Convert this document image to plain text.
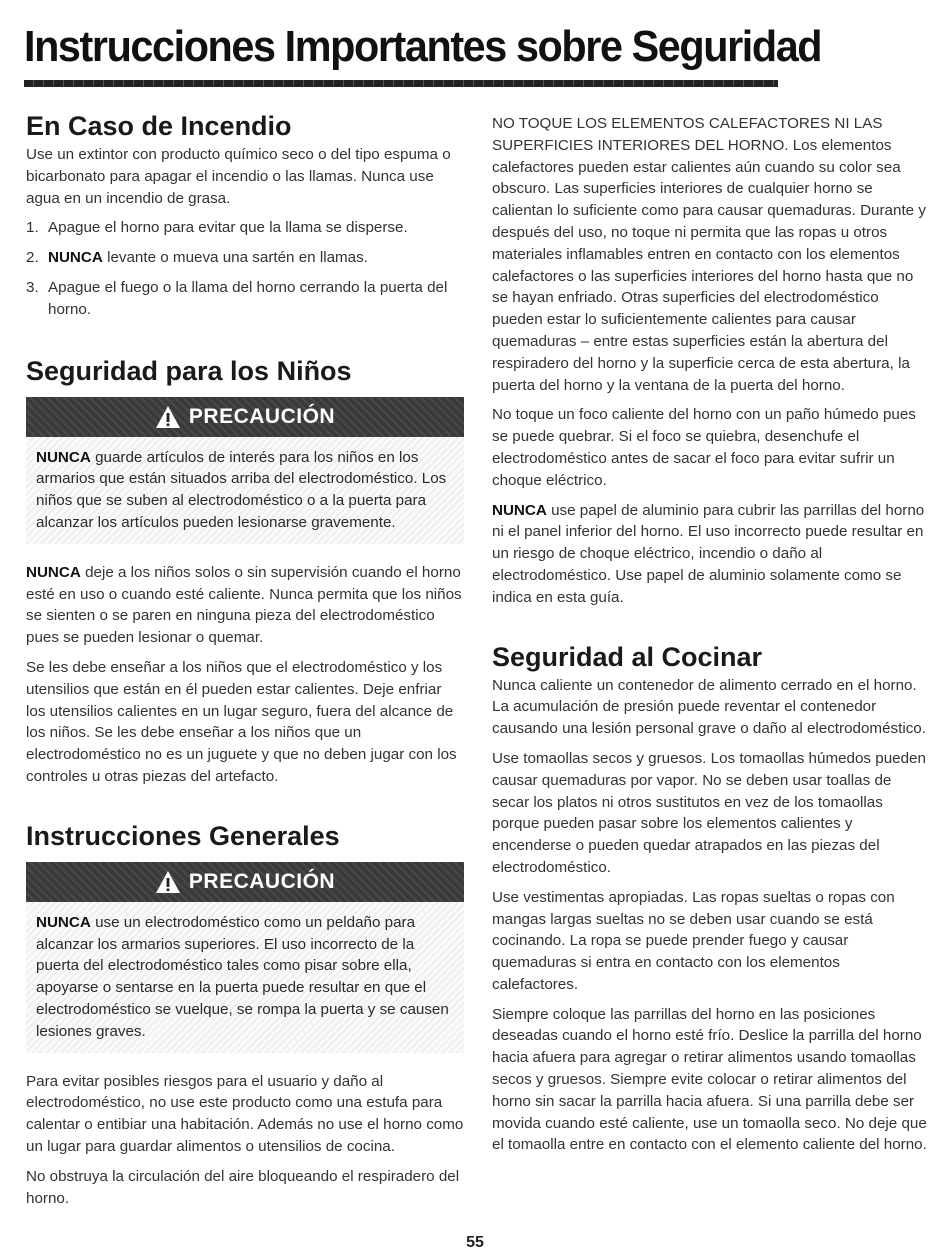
Instrucciones Importantes sobre Seguridad
En Caso de Incendio

Use un extintor con producto químico seco o del tipo espuma o bicarbonato para apagar el incendio o las llamas. Nunca use agua en un incendio de grasa.

1. Apague el horno para evitar que la llama se disperse.
2. NUNCA levante o mueva una sartén en llamas.
3. Apague el fuego o la llama del horno cerrando la puerta del horno.
Seguridad para los Niños
PRECAUCIÓN

NUNCA guarde artículos de interés para los niños en los armarios que están situados arriba del electrodoméstico. Los niños que se suben al electrodoméstico o a la puerta para alcanzar los artículos pueden lesionarse gravemente.

NUNCA deje a los niños solos o sin supervisión cuando el horno esté en uso o cuando esté caliente. Nunca permita que los niños se sienten o se paren en ninguna pieza del electrodoméstico pues se pueden lesionar o quemar.

Se les debe enseñar a los niños que el electrodoméstico y los utensilios que están en él pueden estar calientes. Deje enfriar los utensilios calientes en un lugar seguro, fuera del alcance de los niños. Se les debe enseñar a los niños que un electrodoméstico no es un juguete y que no deben jugar con los controles u otras piezas del artefacto.

Instrucciones Generales
PRECAUCIÓN

NUNCA use un electrodoméstico como un peldaño para alcanzar los armarios superiores. El uso incorrecto de la puerta del electrodoméstico tales como pisar sobre ella, apoyarse o sentarse en la puerta puede resultar en que el electrodoméstico se vuelque, se rompa la puerta y se causen lesiones graves.

Para evitar posibles riesgos para el usuario y daño al electrodoméstico, no use este producto como una estufa para calentar o entibiar una habitación. Además no use el horno como un lugar para guardar alimentos o utensilios de cocina.

No obstruya la circulación del aire bloqueando el respiradero del horno.

NO TOQUE LOS ELEMENTOS CALEFACTORES NI LAS SUPERFICIES INTERIORES DEL HORNO. Los elementos calefactores pueden estar calientes aún cuando su color sea obscuro. Las superficies interiores de cualquier horno se calientan lo suficiente como para causar quemaduras. Durante y después del uso, no toque ni permita que las ropas u otros materiales inflamables entren en contacto con los elementos calefactores o las superficies interiores del horno hasta que no se hayan enfriado. Otras superficies del electrodoméstico pueden estar lo suficientemente calientes para causar quemaduras – entre estas superficies están la abertura del respiradero del horno y la superficie cerca de esta abertura, la puerta del horno y la ventana de la puerta del horno.

No toque un foco caliente del horno con un paño húmedo pues se puede quebrar. Si el foco se quiebra, desenchufe el electrodoméstico antes de sacar el foco para evitar sufrir un choque eléctrico.

NUNCA use papel de aluminio para cubrir las parrillas del horno ni el panel inferior del horno. El uso incorrecto puede resultar en un riesgo de choque eléctrico, incendio o daño al electrodoméstico. Use papel de aluminio solamente como se indica en esta guía.

Seguridad al Cocinar

Nunca caliente un contenedor de alimento cerrado en el horno. La acumulación de presión puede reventar el contenedor causando una lesión personal grave o daño al electrodoméstico.

Use tomaollas secos y gruesos. Los tomaollas húmedos pueden causar quemaduras por vapor. No se deben usar toallas de secar los platos ni otros sustitutos en vez de los tomaollas porque pueden pasar sobre los elementos calientes y encenderse o pueden quedar atrapados en las piezas del electrodoméstico.

Use vestimentas apropiadas. Las ropas sueltas o ropas con mangas largas sueltas no se deben usar cuando se está cocinando. La ropa se puede prender fuego y causar quemaduras si entra en contacto con los elementos calefactores.

Siempre coloque las parrillas del horno en las posiciones deseadas cuando el horno esté frío. Deslice la parrilla del horno hacia afuera para agregar o retirar alimentos usando tomaollas secos y gruesos. Siempre evite colocar o retirar alimentos del horno sin sacar la parrilla hacia afuera. Si una parrilla debe ser movida cuando esté caliente, use un tomaolla seco. No deje que el tomaolla entre en contacto con el elemento caliente del horno.

55
